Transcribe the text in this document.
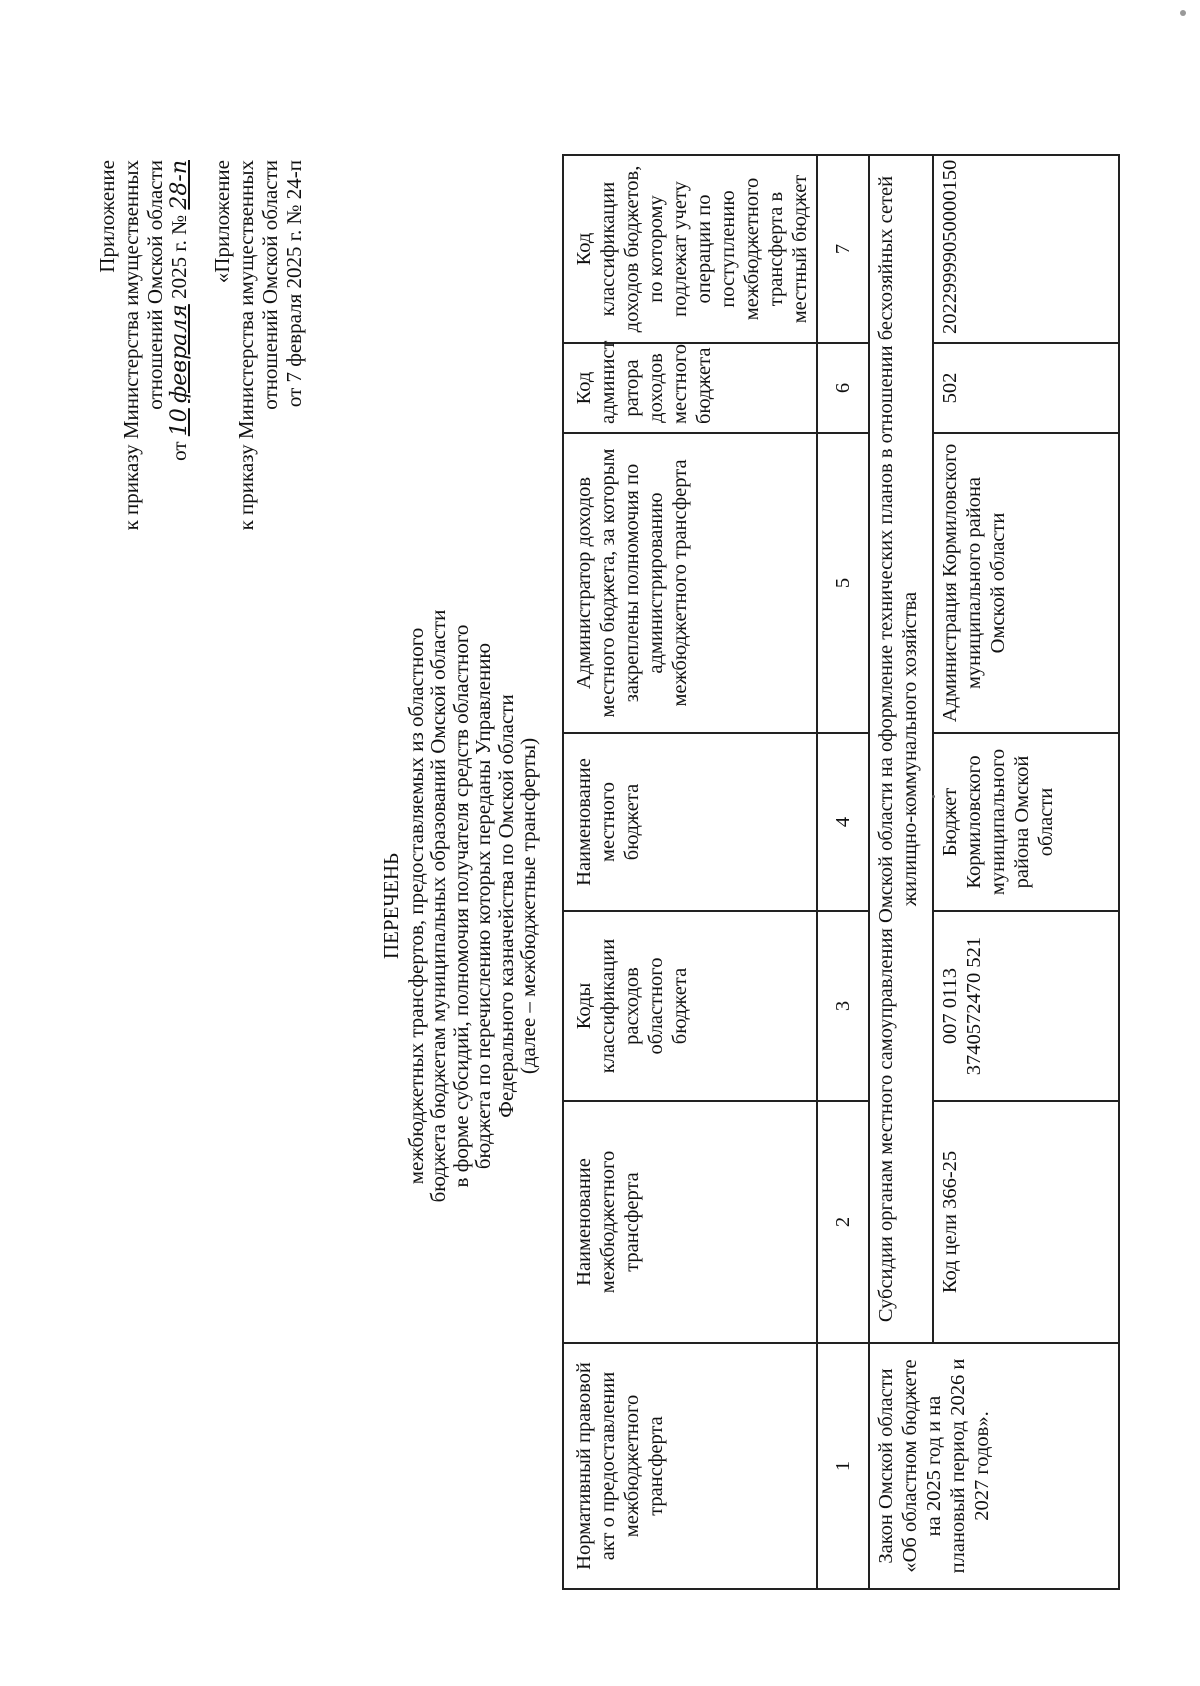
Приложение к приказу Министерства имущественных отношений Омской области
от 10 февраля 2025 г. № 28-п «Приложение к приказу Министерства имущественных отношений Омской области от 7 февраля 2025 г. № 24-п
ПЕРЕЧЕНЬ межбюджетных трансфертов, предоставляемых из областного
бюджета бюджетам муниципальных образований Омской области
в форме субсидий, полномочия получателя средств областного
бюджета по перечислению которых переданы Управлению
Федерального казначейства по Омской области
(далее – межбюджетные трансферты)
Нормативный правовой акт о предоставлении межбюджетного трансферта	Наименование межбюджетного трансферта	Коды классификации расходов областного бюджета	Наименование местного бюджета	Администратор доходов местного бюджета, за которым закреплены полномочия по администрированию межбюджетного трансферта	Код админист ратора доходов местного бюджета	Код классификации доходов бюджетов, по которому подлежат учету операции по поступлению межбюджетного трансферта в местный бюджет
1	2	3	4	5	6	7
Закон Омской области «Об областном бюджете на 2025 год и на плановый период 2026 и 2027 годов».	Субсидии органам местного самоуправления Омской области на оформление технических планов в отношении бесхозяйных сетей жилищно-коммунального хозяйства					
	Код цели 366-25	007 0113 3740572470 521	Бюджет Кормиловского муниципального района Омской области	Администрация Кормиловского муниципального района Омской области	502	20229999050000150
